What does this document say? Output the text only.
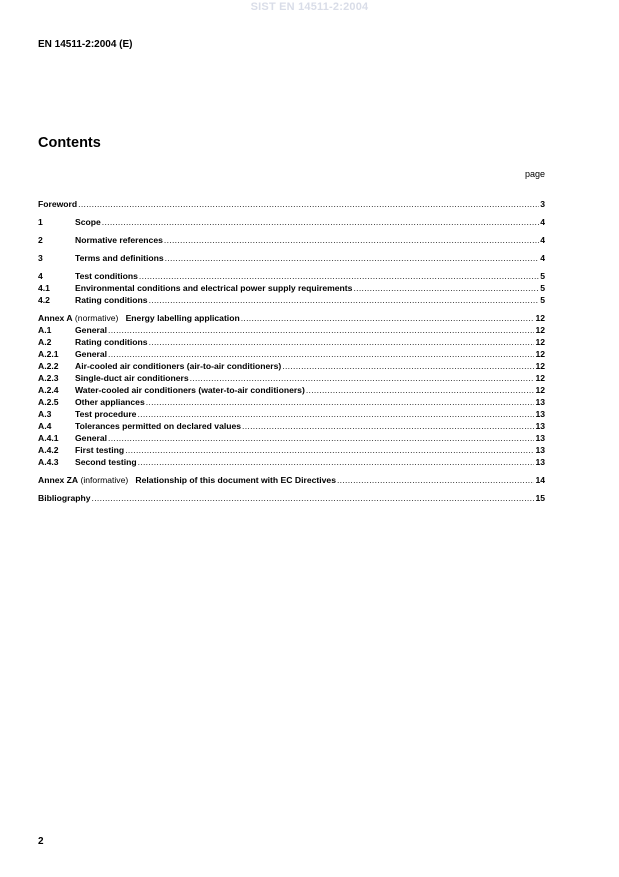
SIST EN 14511-2:2004
EN 14511-2:2004 (E)
Contents
page
Foreword .....	3
1	Scope .....	4
2	Normative references .....	4
3	Terms and definitions .....	4
4	Test conditions .....	5
4.1	Environmental conditions and electrical power supply requirements .....	5
4.2	Rating conditions .....	5
Annex A (normative)   Energy labelling application .....	12
A.1	General .....	12
A.2	Rating conditions .....	12
A.2.1 General .....	12
A.2.2 Air-cooled air conditioners (air-to-air conditioners) .....	12
A.2.3 Single-duct air conditioners .....	12
A.2.4 Water-cooled air conditioners (water-to-air conditioners) .....	12
A.2.5 Other appliances .....	13
A.3	Test procedure .....	13
A.4	Tolerances permitted on declared values .....	13
A.4.1 General .....	13
A.4.2 First testing .....	13
A.4.3 Second testing .....	13
Annex ZA (informative)   Relationship of this document with EC Directives .....	14
Bibliography .....	15
2
